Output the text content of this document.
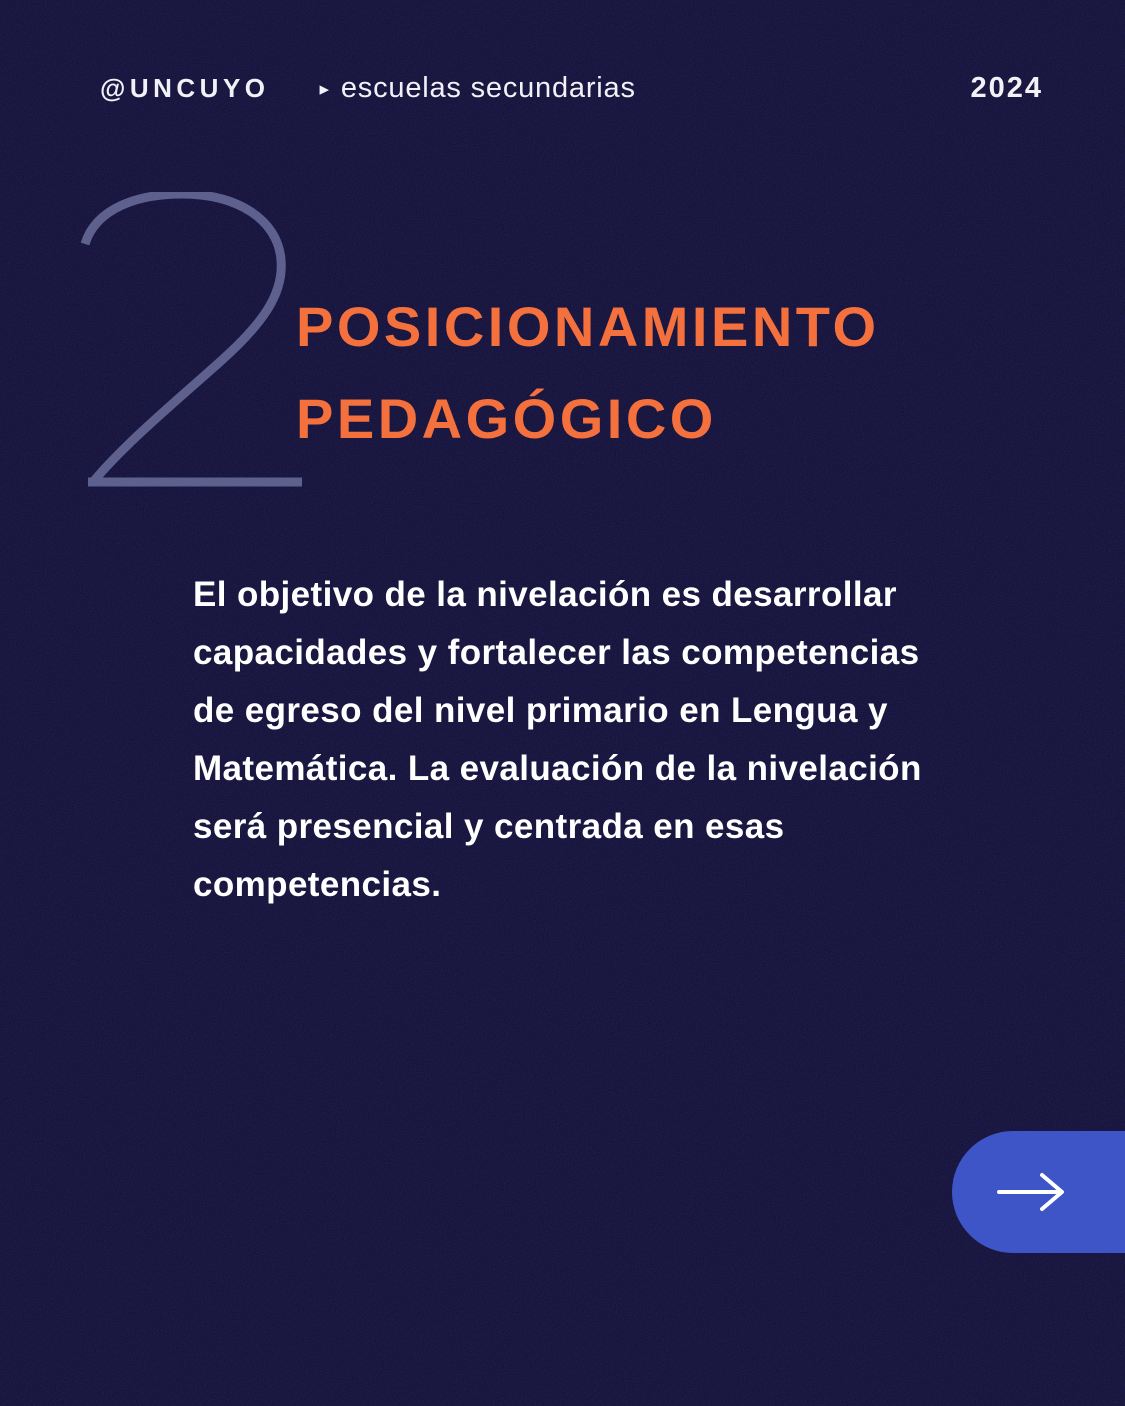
@UNCUYO	▸ escuelas secundarias	2024
POSICIONAMIENTO
PEDAGÓGICO
El objetivo de la nivelación es desarrollar
capacidades y fortalecer las competencias
de egreso del nivel primario en Lengua y
Matemática. La evaluación de la nivelación
será presencial y centrada en esas
competencias.
